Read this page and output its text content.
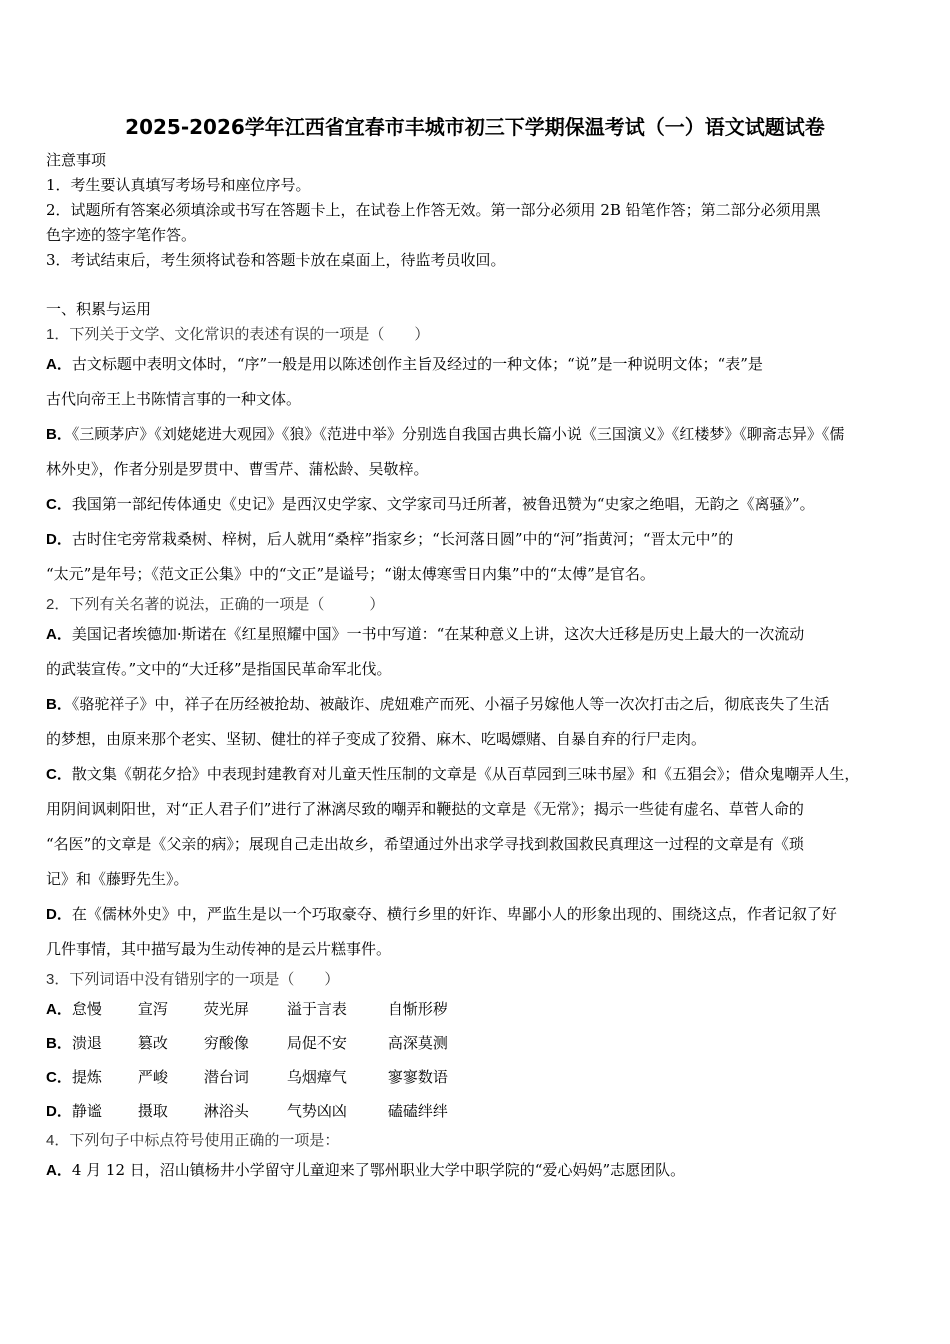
2025-2026学年江西省宜春市丰城市初三下学期保温考试（一）语文试题试卷
注意事项
1．考生要认真填写考场号和座位序号。
2．试题所有答案必须填涂或书写在答题卡上，在试卷上作答无效。第一部分必须用 2B 铅笔作答；第二部分必须用黑
色字迹的签字笔作答。
3．考试结束后，考生须将试卷和答题卡放在桌面上，待监考员收回。
一、积累与运用
1．下列关于文学、文化常识的表述有误的一项是（　　）
A．古文标题中表明文体时，“序”一般是用以陈述创作主旨及经过的一种文体；“说”是一种说明文体；“表”是
古代向帝王上书陈情言事的一种文体。
B．《三顾茅庐》《刘姥姥进大观园》《狼》《范进中举》分别选自我国古典长篇小说《三国演义》《红楼梦》《聊斋志异》《儒
林外史》，作者分别是罗贯中、曹雪芹、蒲松龄、吴敬梓。
C．我国第一部纪传体通史《史记》是西汉史学家、文学家司马迁所著，被鲁迅赞为“史家之绝唱，无韵之《离骚》”。
D．古时住宅旁常栽桑树、梓树，后人就用“桑梓”指家乡；“长河落日圆”中的“河”指黄河；“晋太元中”的
“太元”是年号；《范文正公集》中的“文正”是谥号；“谢太傅寒雪日内集”中的“太傅”是官名。
2．下列有关名著的说法，正确的一项是（　　　）
A．美国记者埃德加·斯诺在《红星照耀中国》一书中写道：“在某种意义上讲，这次大迁移是历史上最大的一次流动
的武装宣传。”文中的“大迁移”是指国民革命军北伐。
B．《骆驼祥子》中，祥子在历经被抢劫、被敲诈、虎妞难产而死、小福子另嫁他人等一次次打击之后，彻底丧失了生活
的梦想，由原来那个老实、坚韧、健壮的祥子变成了狡猾、麻木、吃喝嫖赌、自暴自弃的行尸走肉。
C．散文集《朝花夕拾》中表现封建教育对儿童天性压制的文章是《从百草园到三味书屋》和《五猖会》；借众鬼嘲弄人生，
用阴间讽刺阳世，对“正人君子们”进行了淋漓尽致的嘲弄和鞭挞的文章是《无常》；揭示一些徒有虚名、草菅人命的
“名医”的文章是《父亲的病》；展现自己走出故乡，希望通过外出求学寻找到救国救民真理这一过程的文章是有《琐
记》和《藤野先生》。
D．在《儒林外史》中，严监生是以一个巧取豪夺、横行乡里的奸诈、卑鄙小人的形象出现的、围绕这点，作者记叙了好
几件事情，其中描写最为生动传神的是云片糕事件。
3．下列词语中没有错别字的一项是（　　）
A．怠慢 宣泻 荧光屏	溢于言表	自惭形秽
B．溃退 篡改 穷酸像	局促不安	高深莫测
C．提炼 严峻 潜台词	乌烟瘴气	寥寥数语
D．静谧 摄取 淋浴头	气势凶凶	磕磕绊绊
4．下列句子中标点符号使用正确的一项是：
A．4 月 12 日，沼山镇杨井小学留守儿童迎来了鄂州职业大学中职学院的“爱心妈妈”志愿团队。
